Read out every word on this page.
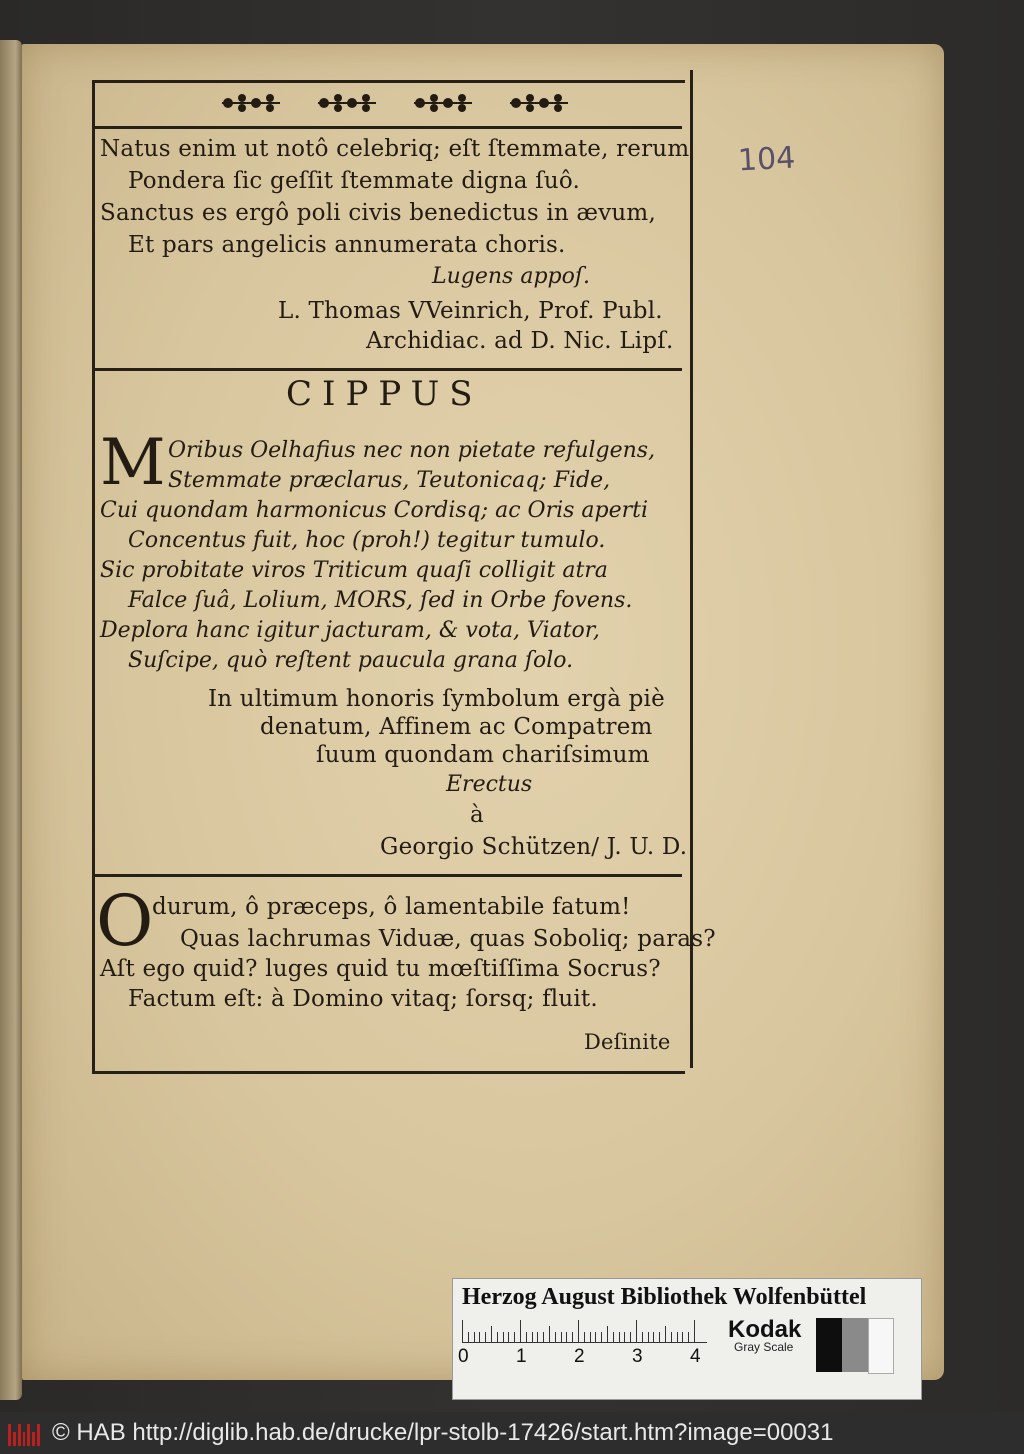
104
Natus enim ut notô celebriq; eſt ſtemmate, rerum
Pondera ſic geſſit ſtemmate digna ſuô.
Sanctus es ergô poli civis benedictus in ævum,
Et pars angelicis annumerata choris.
Lugens appoſ.
L. Thomas VVeinrich, Prof. Publ.
Archidiac. ad D. Nic. Lipſ.
CIPPUS
M Oribus Oelhafius nec non pietate refulgens,
Stemmate præclarus, Teutonicaq; Fide,
Cui quondam harmonicus Cordisq; ac Oris aperti
Concentus fuit, hoc (proh!) tegitur tumulo.
Sic probitate viros Triticum quaſi colligit atra
Falce ſuâ, Lolium, MORS, ſed in Orbe fovens.
Deplora hanc igitur jacturam, & vota, Viator,
Suſcipe, quò reſtent paucula grana ſolo.
In ultimum honoris ſymbolum ergà piè
denatum, Affinem ac Compatrem
ſuum quondam chariſsimum
Erectus
à
Georgio Schützen/ J. U. D.
O
durum, ô præceps, ô lamentabile fatum!
Quas lachrumas Viduæ, quas Soboliq; paras?
Aſt ego quid? luges quid tu mœſtiſſima Socrus?
Factum eſt: à Domino vitaq; ſorsq; fluit.
Deſinite
Herzog August Bibliothek Wolfenbüttel
0 1 2 3 4
Kodak
Gray Scale
© HAB http://diglib.hab.de/drucke/lpr-stolb-17426/start.htm?image=00031
